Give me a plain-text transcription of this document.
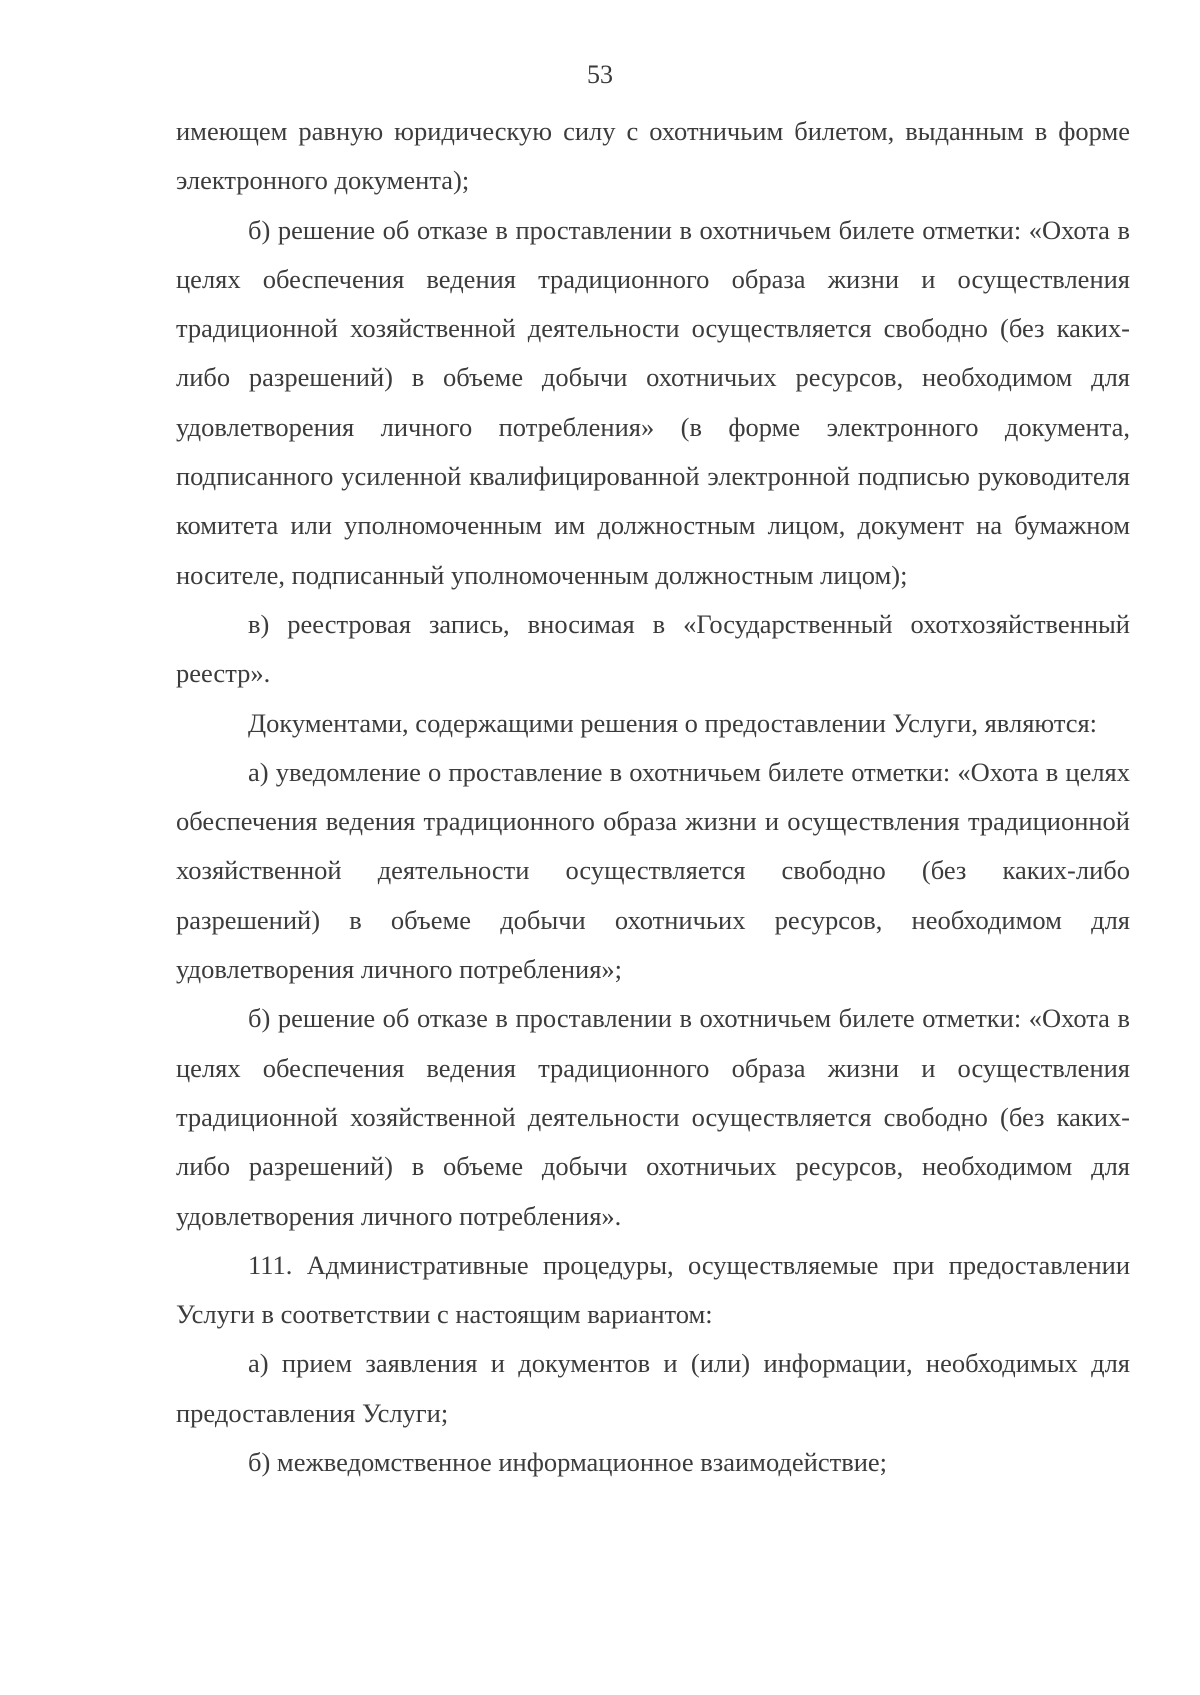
53

имеющем равную юридическую силу с охотничьим билетом, выданным в форме электронного документа);

б) решение об отказе в проставлении в охотничьем билете отметки: «Охота в целях обеспечения ведения традиционного образа жизни и осуществления традиционной хозяйственной деятельности осуществляется свободно (без каких-либо разрешений) в объеме добычи охотничьих ресурсов, необходимом для удовлетворения личного потребления» (в форме электронного документа, подписанного усиленной квалифицированной электронной подписью руководителя комитета или уполномоченным им должностным лицом, документ на бумажном носителе, подписанный уполномоченным должностным лицом);

в) реестровая запись, вносимая в «Государственный охотхозяйственный реестр».

Документами, содержащими решения о предоставлении Услуги, являются:

а) уведомление о проставление в охотничьем билете отметки: «Охота в целях обеспечения ведения традиционного образа жизни и осуществления традиционной хозяйственной деятельности осуществляется свободно (без каких-либо разрешений) в объеме добычи охотничьих ресурсов, необходимом для удовлетворения личного потребления»;

б) решение об отказе в проставлении в охотничьем билете отметки: «Охота в целях обеспечения ведения традиционного образа жизни и осуществления традиционной хозяйственной деятельности осуществляется свободно (без каких-либо разрешений) в объеме добычи охотничьих ресурсов, необходимом для удовлетворения личного потребления».

111. Административные процедуры, осуществляемые при предоставлении Услуги в соответствии с настоящим вариантом:

а) прием заявления и документов и (или) информации, необходимых для предоставления Услуги;

б) межведомственное информационное взаимодействие;
